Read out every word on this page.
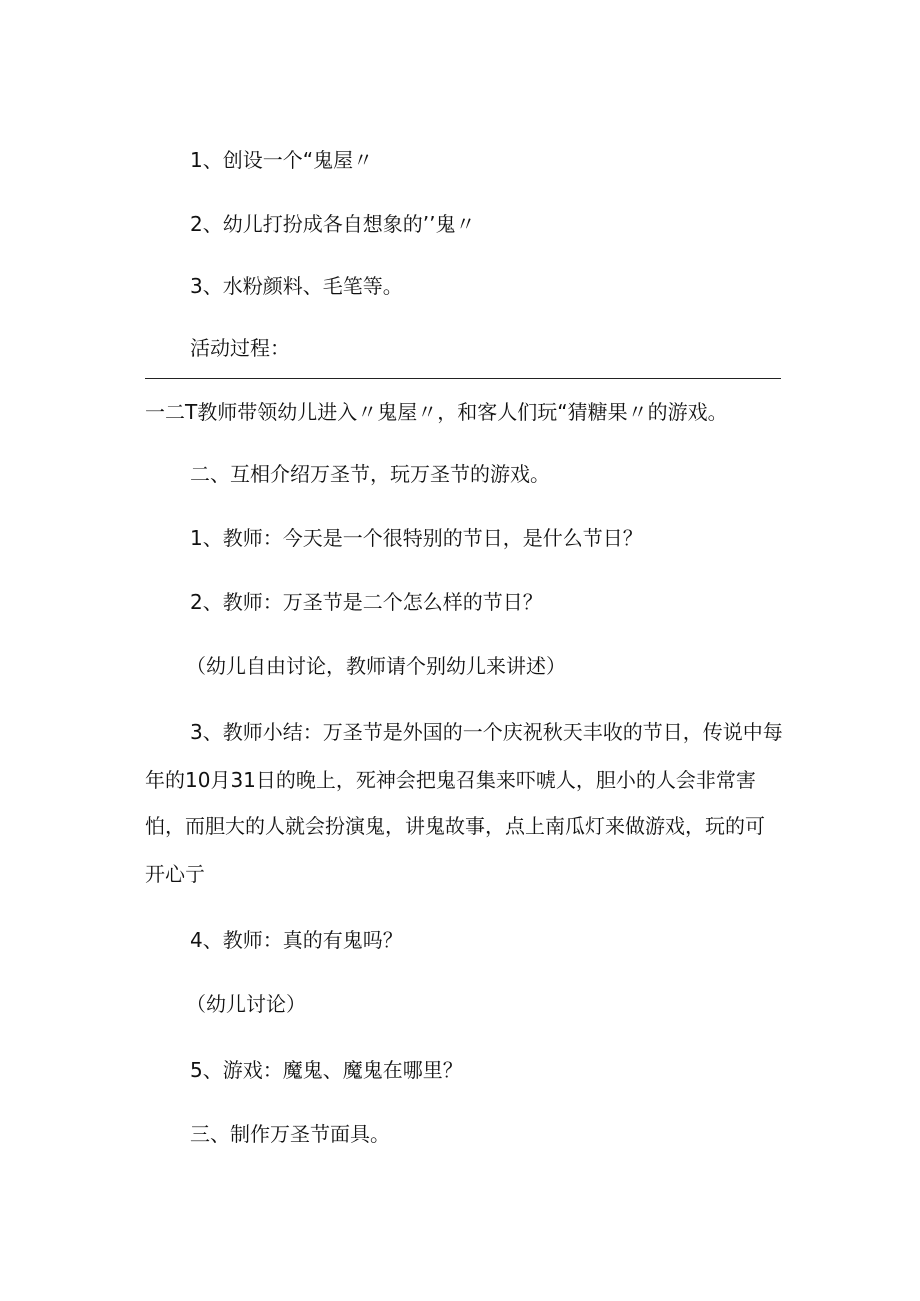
1、创设一个“鬼屋〃

2、幼儿打扮成各自想象的’’鬼〃

3、水粉颜料、毛笔等。

活动过程：

一二T教师带领幼儿进入〃鬼屋〃，和客人们玩“猜糖果〃的游戏。

二、互相介绍万圣节，玩万圣节的游戏。

1、教师：今天是一个很特别的节日，是什么节日？

2、教师：万圣节是二个怎么样的节日？

（幼儿自由讨论，教师请个别幼儿来讲述）

3、教师小结：万圣节是外国的一个庆祝秋天丰收的节日，传说中每

年的10月31日的晚上，死神会把鬼召集来吓唬人，胆小的人会非常害

怕，而胆大的人就会扮演鬼，讲鬼故事，点上南瓜灯来做游戏，玩的可

开心亍

4、教师：真的有鬼吗？

（幼儿讨论）

5、游戏：魔鬼、魔鬼在哪里？

三、制作万圣节面具。
